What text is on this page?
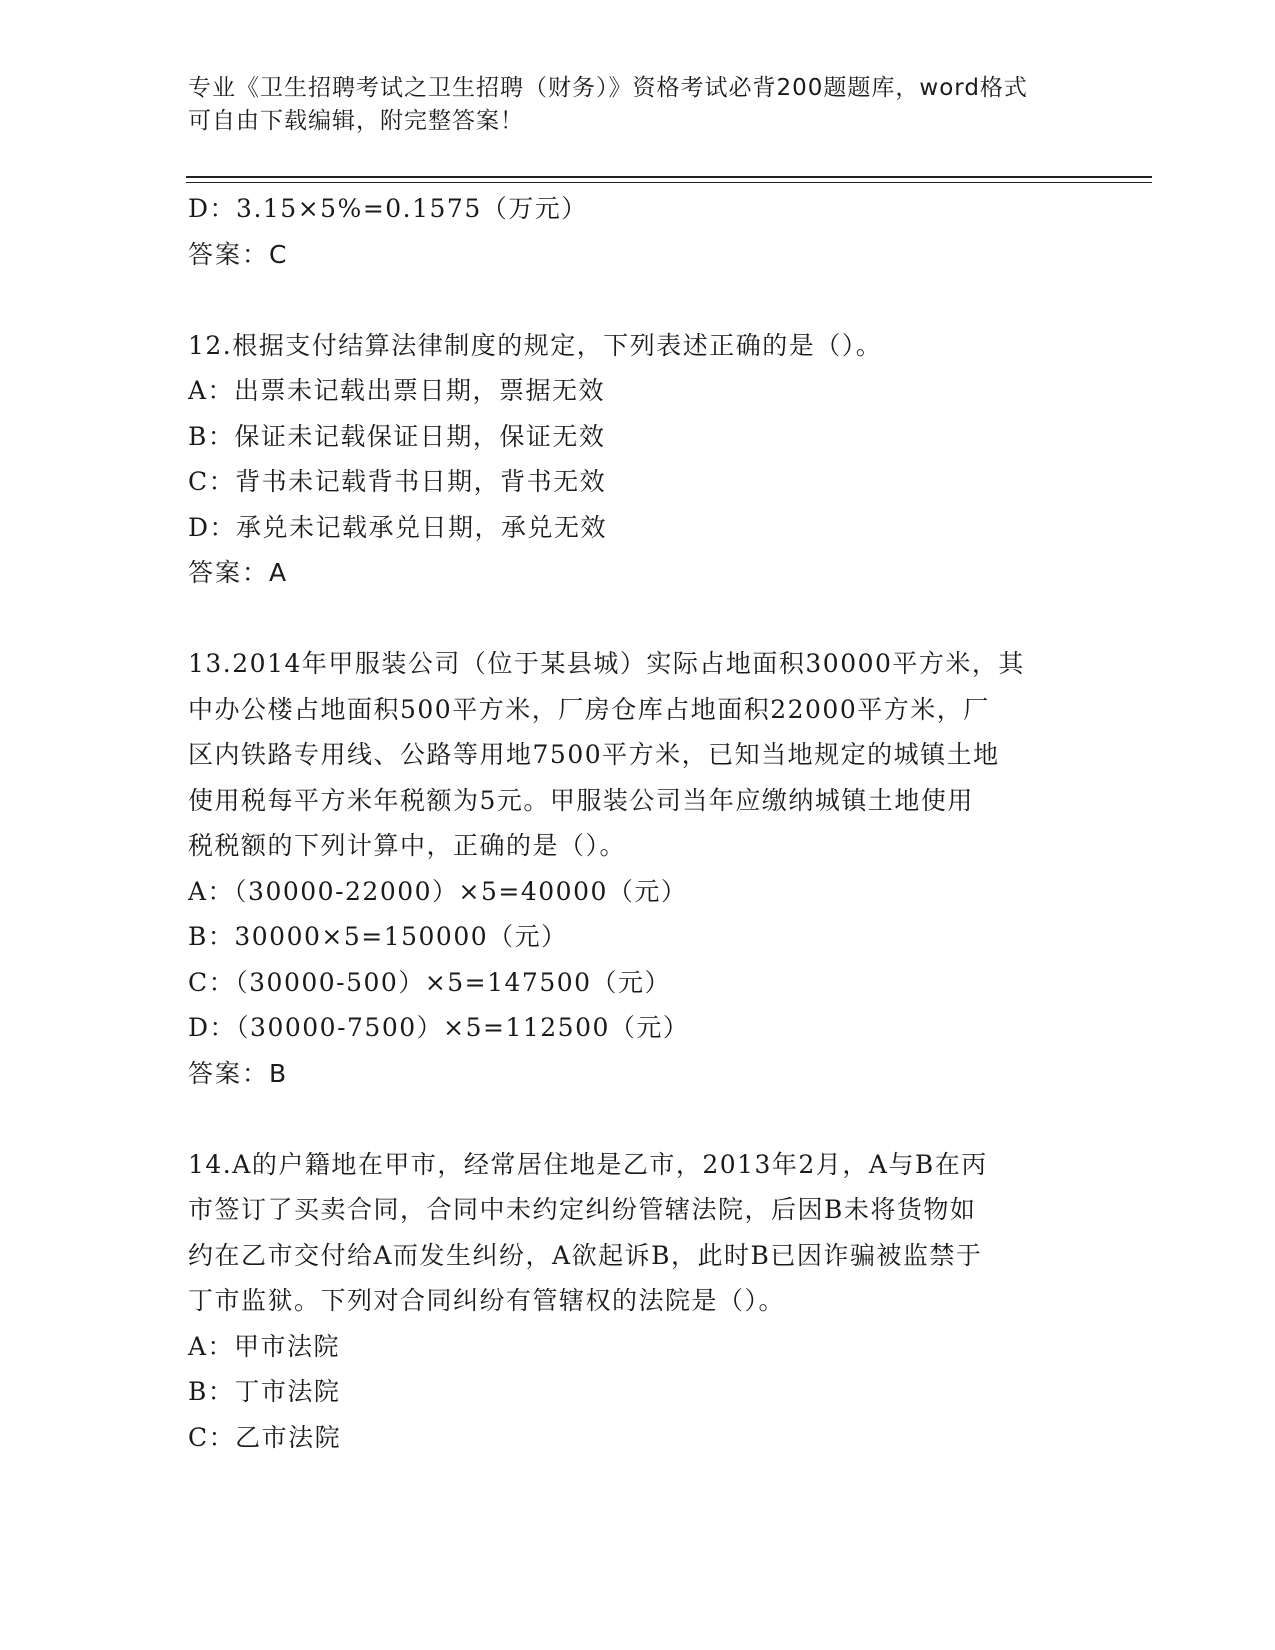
专业《卫生招聘考试之卫生招聘（财务）》资格考试必背200题题库，word格式
可自由下载编辑，附完整答案！
D：3.15×5%=0.1575（万元）
答案：C
12.根据支付结算法律制度的规定，下列表述正确的是（）。
A：出票未记载出票日期，票据无效
B：保证未记载保证日期，保证无效
C：背书未记载背书日期，背书无效
D：承兑未记载承兑日期，承兑无效
答案：A
13.2014年甲服装公司（位于某县城）实际占地面积30000平方米，其
中办公楼占地面积500平方米，厂房仓库占地面积22000平方米，厂
区内铁路专用线、公路等用地7500平方米，已知当地规定的城镇土地
使用税每平方米年税额为5元。甲服装公司当年应缴纳城镇土地使用
税税额的下列计算中，正确的是（）。
A：（30000-22000）×5=40000（元）
B：30000×5=150000（元）
C：（30000-500）×5=147500（元）
D：（30000-7500）×5=112500（元）
答案：B
14.A的户籍地在甲市，经常居住地是乙市，2013年2月，A与B在丙
市签订了买卖合同，合同中未约定纠纷管辖法院，后因B未将货物如
约在乙市交付给A而发生纠纷，A欲起诉B，此时B已因诈骗被监禁于
丁市监狱。下列对合同纠纷有管辖权的法院是（）。
A：甲市法院
B：丁市法院
C：乙市法院
